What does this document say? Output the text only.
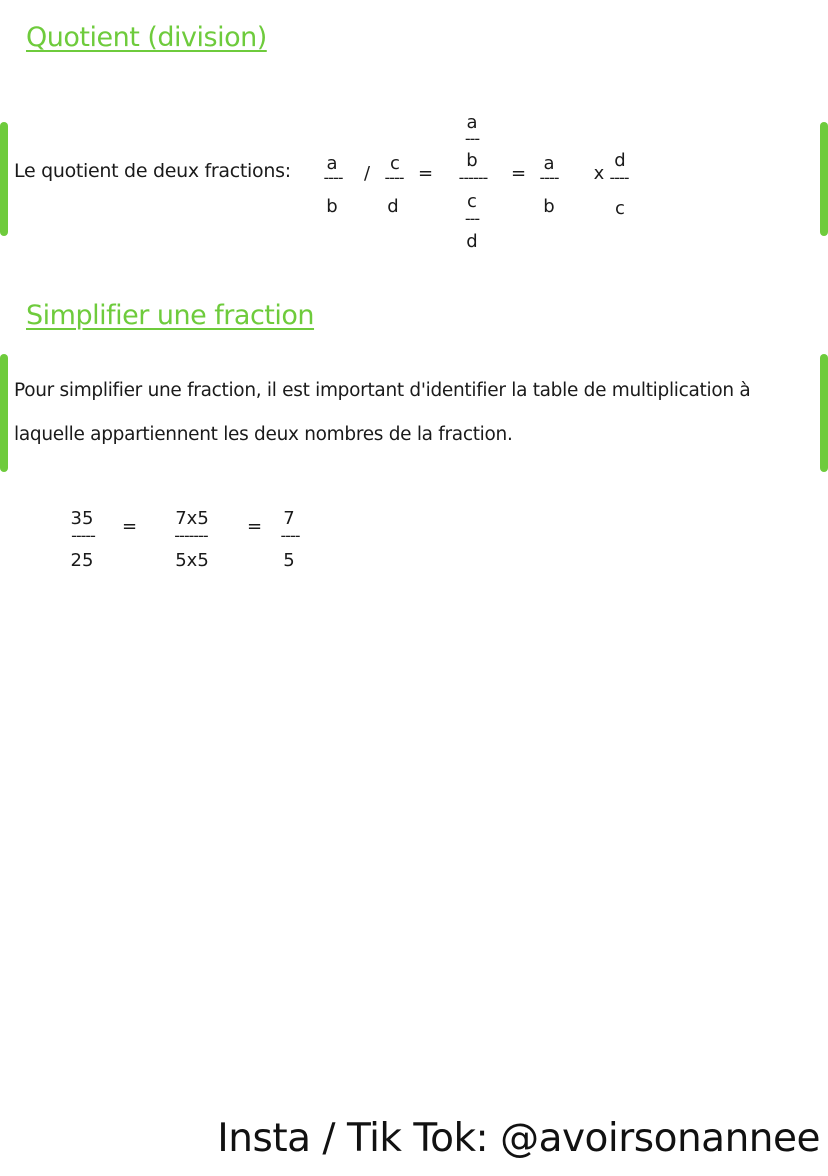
Quotient (division)
Le quotient de deux fractions: a
----
b
/ c
----
d
=
a
---
b
------
c
---
d
= a
----
b
x
d
----
c
Simplifier une fraction
Pour simplifier une fraction, il est important d'identifier la table de multiplication à
laquelle appartiennent les deux nombres de la fraction.
35
-----
25
=	7x5
-------
5x5
= 7
----
5
Insta / Tik Tok: @avoirsonannee
